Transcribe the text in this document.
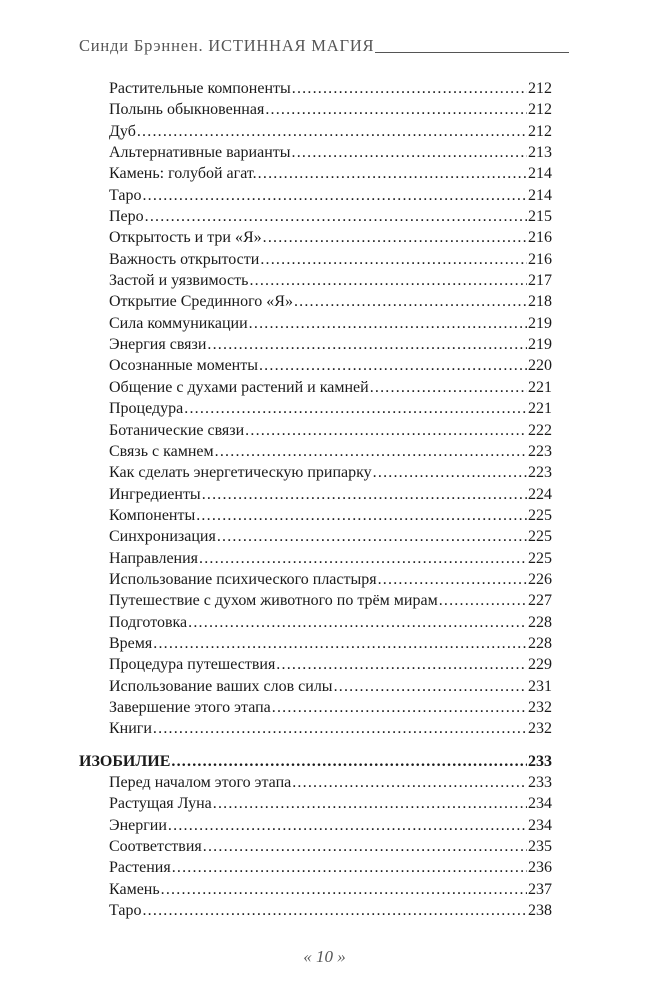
Синди Брэннен. ИСТИННАЯ МАГИЯ
Растительные компоненты .....	212
Полынь обыкновенная .....	212
Дуб .....	212
Альтернативные варианты .....	213
Камень: голубой агат. .....	214
Таро .....	214
Перо .....	215
Открытость и три «Я» .....	216
Важность открытости .....	216
Застой и уязвимость .....	217
Открытие Срединного «Я» .....	218
Сила коммуникации .....	219
Энергия связи .....	219
Осознанные моменты .....	220
Общение с духами растений и камней .....	221
Процедура .....	221
Ботанические связи .....	222
Связь с камнем .....	223
Как сделать энергетическую припарку .....	223
Ингредиенты .....	224
Компоненты .....	225
Синхронизация .....	225
Направления .....	225
Использование психического пластыря .....	226
Путешествие с духом животного по трём мирам .....	227
Подготовка .....	228
Время .....	228
Процедура путешествия .....	229
Использование ваших слов силы .....	231
Завершение этого этапа .....	232
Книги .....	232
ИЗОБИЛИЕ .....	233
Перед началом этого этапа .....	233
Растущая Луна .....	234
Энергии .....	234
Соответствия .....	235
Растения .....	236
Камень .....	237
Таро .....	238
« 10 »
